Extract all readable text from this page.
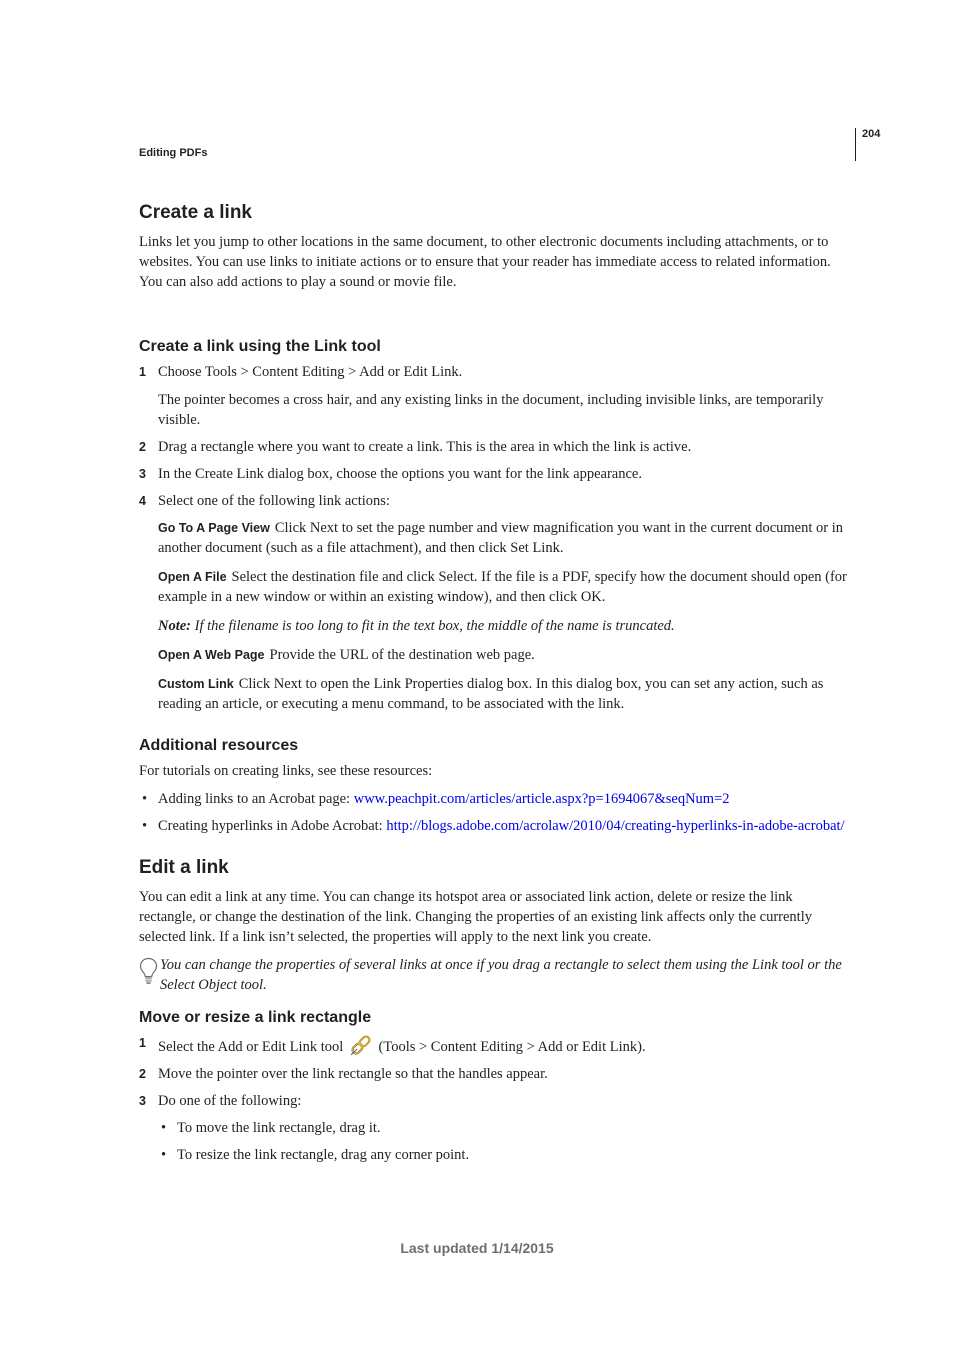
Editing PDFs
204
Create a link

Links let you jump to other locations in the same document, to other electronic documents including attachments, or to websites. You can use links to initiate actions or to ensure that your reader has immediate access to related information. You can also add actions to play a sound or movie file.

Create a link using the Link tool
1 Choose Tools > Content Editing > Add or Edit Link.

The pointer becomes a cross hair, and any existing links in the document, including invisible links, are temporarily visible.

2 Drag a rectangle where you want to create a link. This is the area in which the link is active.
3 In the Create Link dialog box, choose the options you want for the link appearance.
4 Select one of the following link actions:

Go To A Page View Click Next to set the page number and view magnification you want in the current document or in another document (such as a file attachment), and then click Set Link.

Open A File Select the destination file and click Select. If the file is a PDF, specify how the document should open (for example in a new window or within an existing window), and then click OK.

Note: If the filename is too long to fit in the text box, the middle of the name is truncated.

Open A Web Page Provide the URL of the destination web page.

Custom Link Click Next to open the Link Properties dialog box. In this dialog box, you can set any action, such as reading an article, or executing a menu command, to be associated with the link.

Additional resources

For tutorials on creating links, see these resources:

• Adding links to an Acrobat page: www.peachpit.com/articles/article.aspx?p=1694067&seqNum=2
• Creating hyperlinks in Adobe Acrobat: http://blogs.adobe.com/acrolaw/2010/04/creating-hyperlinks-in-adobe-acrobat/
Edit a link

You can edit a link at any time. You can change its hotspot area or associated link action, delete or resize the link rectangle, or change the destination of the link. Changing the properties of an existing link affects only the currently selected link. If a link isn’t selected, the properties will apply to the next link you create.

You can change the properties of several links at once if you drag a rectangle to select them using the Link tool or the Select Object tool.

Move or resize a link rectangle
1 Select the Add or Edit Link tool (Tools > Content Editing > Add or Edit Link).
2 Move the pointer over the link rectangle so that the handles appear.
3 Do one of the following:
• To move the link rectangle, drag it.
• To resize the link rectangle, drag any corner point.
Last updated 1/14/2015
